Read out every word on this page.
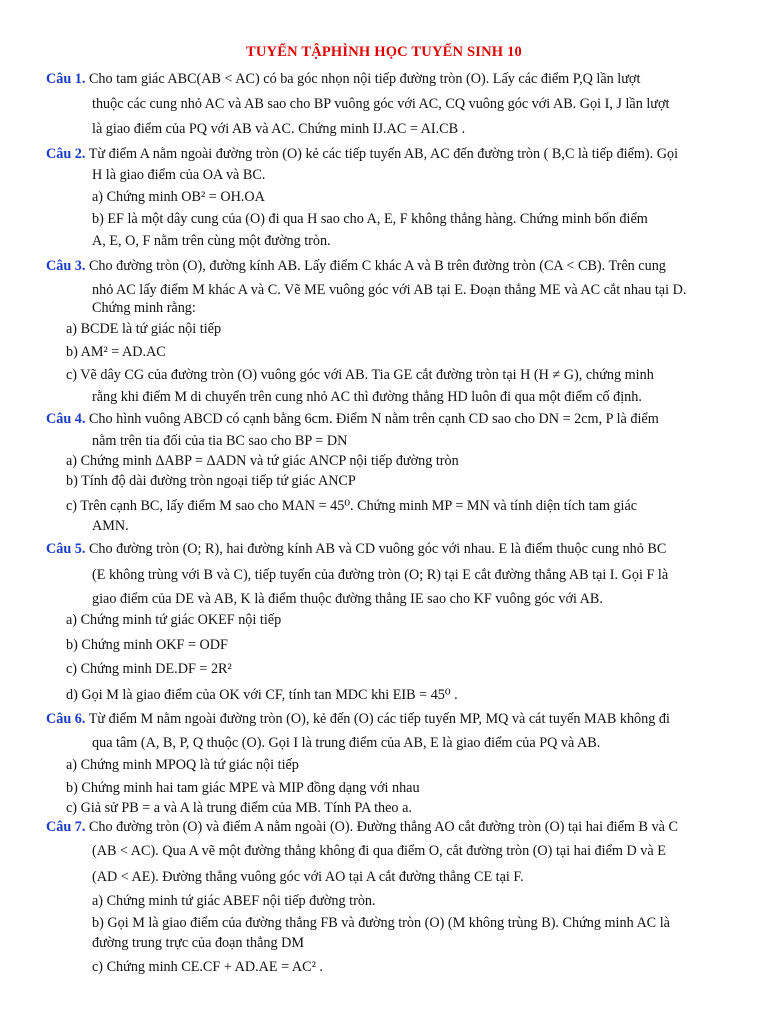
TUYỂN TẬPHÌNH HỌC TUYỂN SINH 10
Câu 1. Cho tam giác ABC(AB < AC) có ba góc nhọn nội tiếp đường tròn (O). Lấy các điểm P,Q lần lượt
thuộc các cung nhỏ AC và AB sao cho BP vuông góc với AC, CQ vuông góc với AB. Gọi I, J lần lượt
là giao điểm của PQ với AB và AC. Chứng minh IJ.AC = AI.CB .
Câu 2. Từ điểm A nằm ngoài đường tròn (O) kẻ các tiếp tuyến AB, AC đến đường tròn ( B,C là tiếp điểm). Gọi
H là giao điểm của OA và BC.
a) Chứng minh OB² = OH.OA
b) EF là một dây cung của (O) đi qua H sao cho A, E, F không thẳng hàng. Chứng minh bốn điểm
A, E, O, F nằm trên cùng một đường tròn.
Câu 3. Cho đường tròn (O), đường kính AB. Lấy điểm C khác A và B trên đường tròn (CA < CB). Trên cung
nhỏ AC lấy điểm M khác A và C. Vẽ ME vuông góc với AB tại E. Đoạn thẳng ME và AC cắt nhau tại D.
Chứng minh rằng:
a) BCDE là tứ giác nội tiếp
b) AM² = AD.AC
c) Vẽ dây CG của đường tròn (O) vuông góc với AB. Tia GE cắt đường tròn tại H (H ≠ G), chứng minh
rằng khi điểm M di chuyển trên cung nhỏ AC thì đường thẳng HD luôn đi qua một điểm cố định.
Câu 4. Cho hình vuông ABCD có cạnh bằng 6cm. Điểm N nằm trên cạnh CD sao cho DN = 2cm, P là điểm
nằm trên tia đối của tia BC sao cho BP = DN
a) Chứng minh ΔABP = ΔADN và tứ giác ANCP nội tiếp đường tròn
b) Tính độ dài đường tròn ngoại tiếp tứ giác ANCP
c) Trên cạnh BC, lấy điểm M sao cho MAN = 45⁰. Chứng minh MP = MN và tính diện tích tam giác
AMN.
Câu 5. Cho đường tròn (O; R), hai đường kính AB và CD vuông góc với nhau. E là điểm thuộc cung nhỏ BC
(E không trùng với B và C), tiếp tuyến của đường tròn (O; R) tại E cắt đường thẳng AB tại I. Gọi F là
giao điểm của DE và AB, K là điểm thuộc đường thẳng IE sao cho KF vuông góc với AB.
a) Chứng minh tứ giác OKEF nội tiếp
b) Chứng minh OKF = ODF
c) Chứng minh DE.DF = 2R²
d) Gọi M là giao điểm của OK với CF, tính tan MDC khi EIB = 45⁰ .
Câu 6. Từ điểm M nằm ngoài đường tròn (O), kẻ đến (O) các tiếp tuyến MP, MQ và cát tuyến MAB không đi
qua tâm (A, B, P, Q thuộc (O). Gọi I là trung điểm của AB, E là giao điểm của PQ và AB.
a) Chứng minh MPOQ là tứ giác nội tiếp
b) Chứng minh hai tam giác MPE và MIP đồng dạng với nhau
c) Giả sử PB = a và A là trung điểm của MB. Tính PA theo a.
Câu 7. Cho đường tròn (O) và điểm A nằm ngoài (O). Đường thẳng AO cắt đường tròn (O) tại hai điểm B và C
(AB < AC). Qua A vẽ một đường thẳng không đi qua điểm O, cắt đường tròn (O) tại hai điểm D và E
(AD < AE). Đường thẳng vuông góc với AO tại A cắt đường thẳng CE tại F.
a) Chứng minh tứ giác ABEF nội tiếp đường tròn.
b) Gọi M là giao điểm của đường thẳng FB và đường tròn (O) (M không trùng B). Chứng minh AC là
đường trung trực của đoạn thẳng DM
c) Chứng minh CE.CF + AD.AE = AC² .
